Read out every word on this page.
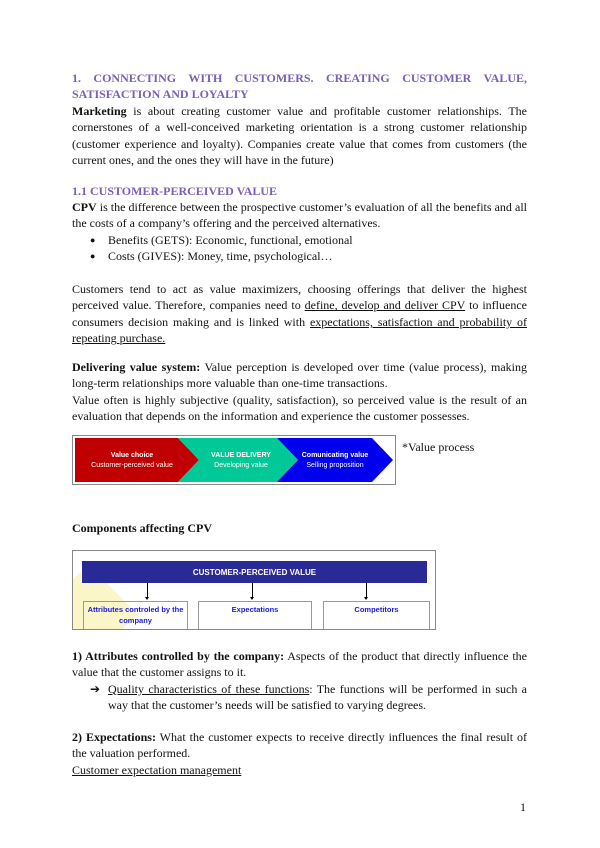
1. CONNECTING WITH CUSTOMERS. CREATING CUSTOMER VALUE, SATISFACTION AND LOYALTY
Marketing is about creating customer value and profitable customer relationships. The cornerstones of a well-conceived marketing orientation is a strong customer relationship (customer experience and loyalty). Companies create value that comes from customers (the current ones, and the ones they will have in the future)
1.1 CUSTOMER-PERCEIVED VALUE
CPV is the difference between the prospective customer’s evaluation of all the benefits and all the costs of a company’s offering and the perceived alternatives.
● Benefits (GETS): Economic, functional, emotional
● Costs (GIVES): Money, time, psychological…
Customers tend to act as value maximizers, choosing offerings that deliver the highest perceived value. Therefore, companies need to define, develop and deliver CPV to influence consumers decision making and is linked with expectations, satisfaction and probability of repeating purchase.
Delivering value system: Value perception is developed over time (value process), making long-term relationships more valuable than one-time transactions.
Value often is highly subjective (quality, satisfaction), so perceived value is the result of an evaluation that depends on the information and experience the customer possesses.
Value choice
Customer-perceived value
VALUE DELIVERY
Developing value
Comunicating value
Selling proposition
*Value process
Components affecting CPV
CUSTOMER-PERCEIVED VALUE
Attributes controled by the company
Expectations	Competitors
1) Attributes controlled by the company: Aspects of the product that directly influence the value that the customer assigns to it.
➔ Quality characteristics of these functions: The functions will be performed in such a way that the customer’s needs will be satisfied to varying degrees.
2) Expectations: What the customer expects to receive directly influences the final result of the valuation performed.
Customer expectation management
1
